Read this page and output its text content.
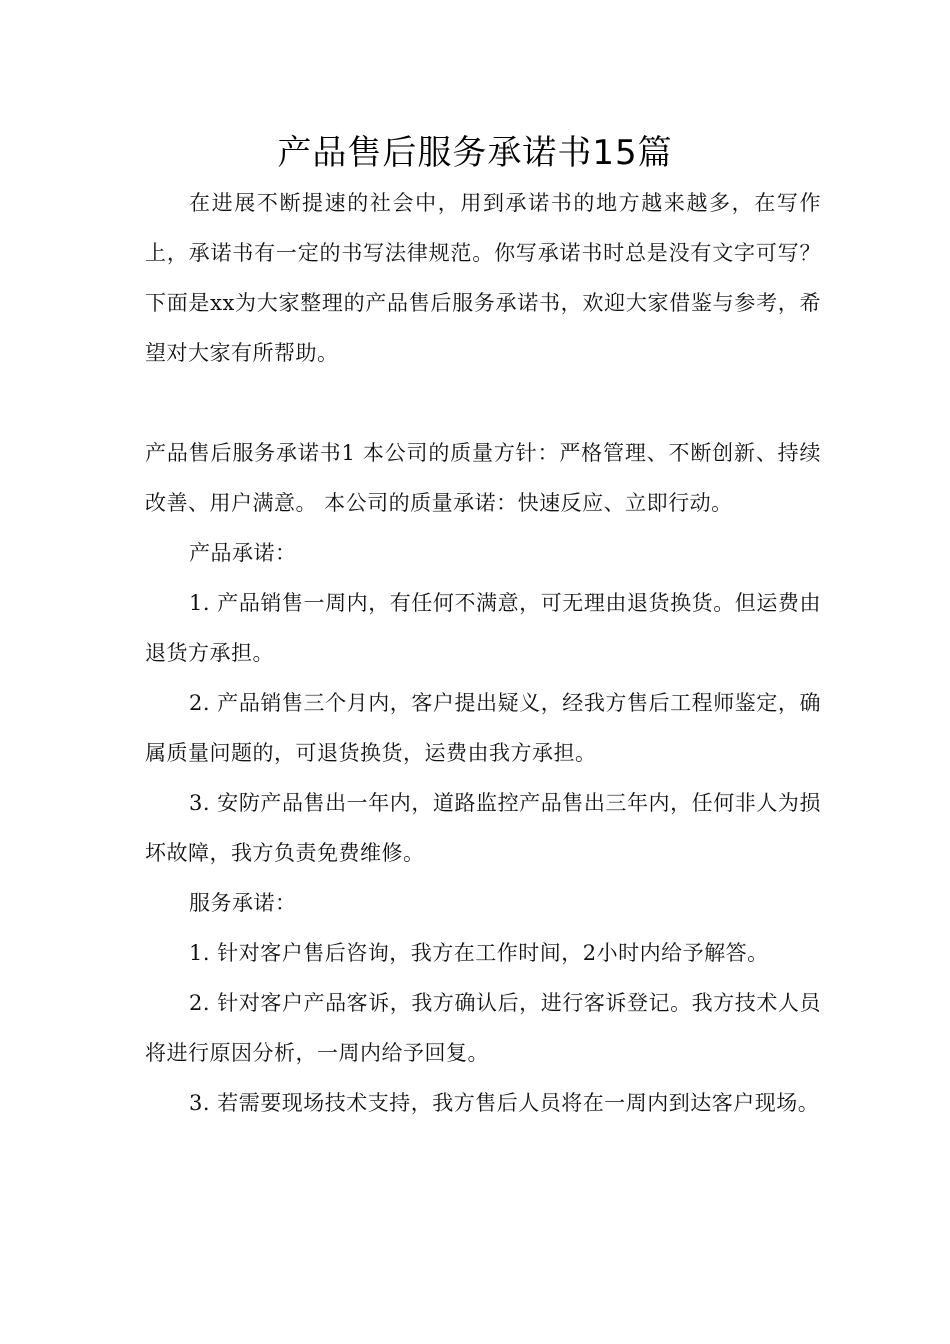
产品售后服务承诺书15篇

在进展不断提速的社会中，用到承诺书的地方越来越多，在写作上，承诺书有一定的书写法律规范。你写承诺书时总是没有文字可写？下面是xx为大家整理的产品售后服务承诺书，欢迎大家借鉴与参考，希望对大家有所帮助。

产品售后服务承诺书1 本公司的质量方针：严格管理、不断创新、持续改善、用户满意。 本公司的质量承诺：快速反应、立即行动。

产品承诺：

1. 产品销售一周内，有任何不满意，可无理由退货换货。但运费由退货方承担。

2. 产品销售三个月内，客户提出疑义，经我方售后工程师鉴定，确属质量问题的，可退货换货，运费由我方承担。

3. 安防产品售出一年内，道路监控产品售出三年内，任何非人为损坏故障，我方负责免费维修。

服务承诺：

1. 针对客户售后咨询，我方在工作时间，2小时内给予解答。

2. 针对客户产品客诉，我方确认后，进行客诉登记。我方技术人员将进行原因分析，一周内给予回复。

3. 若需要现场技术支持，我方售后人员将在一周内到达客户现场。
